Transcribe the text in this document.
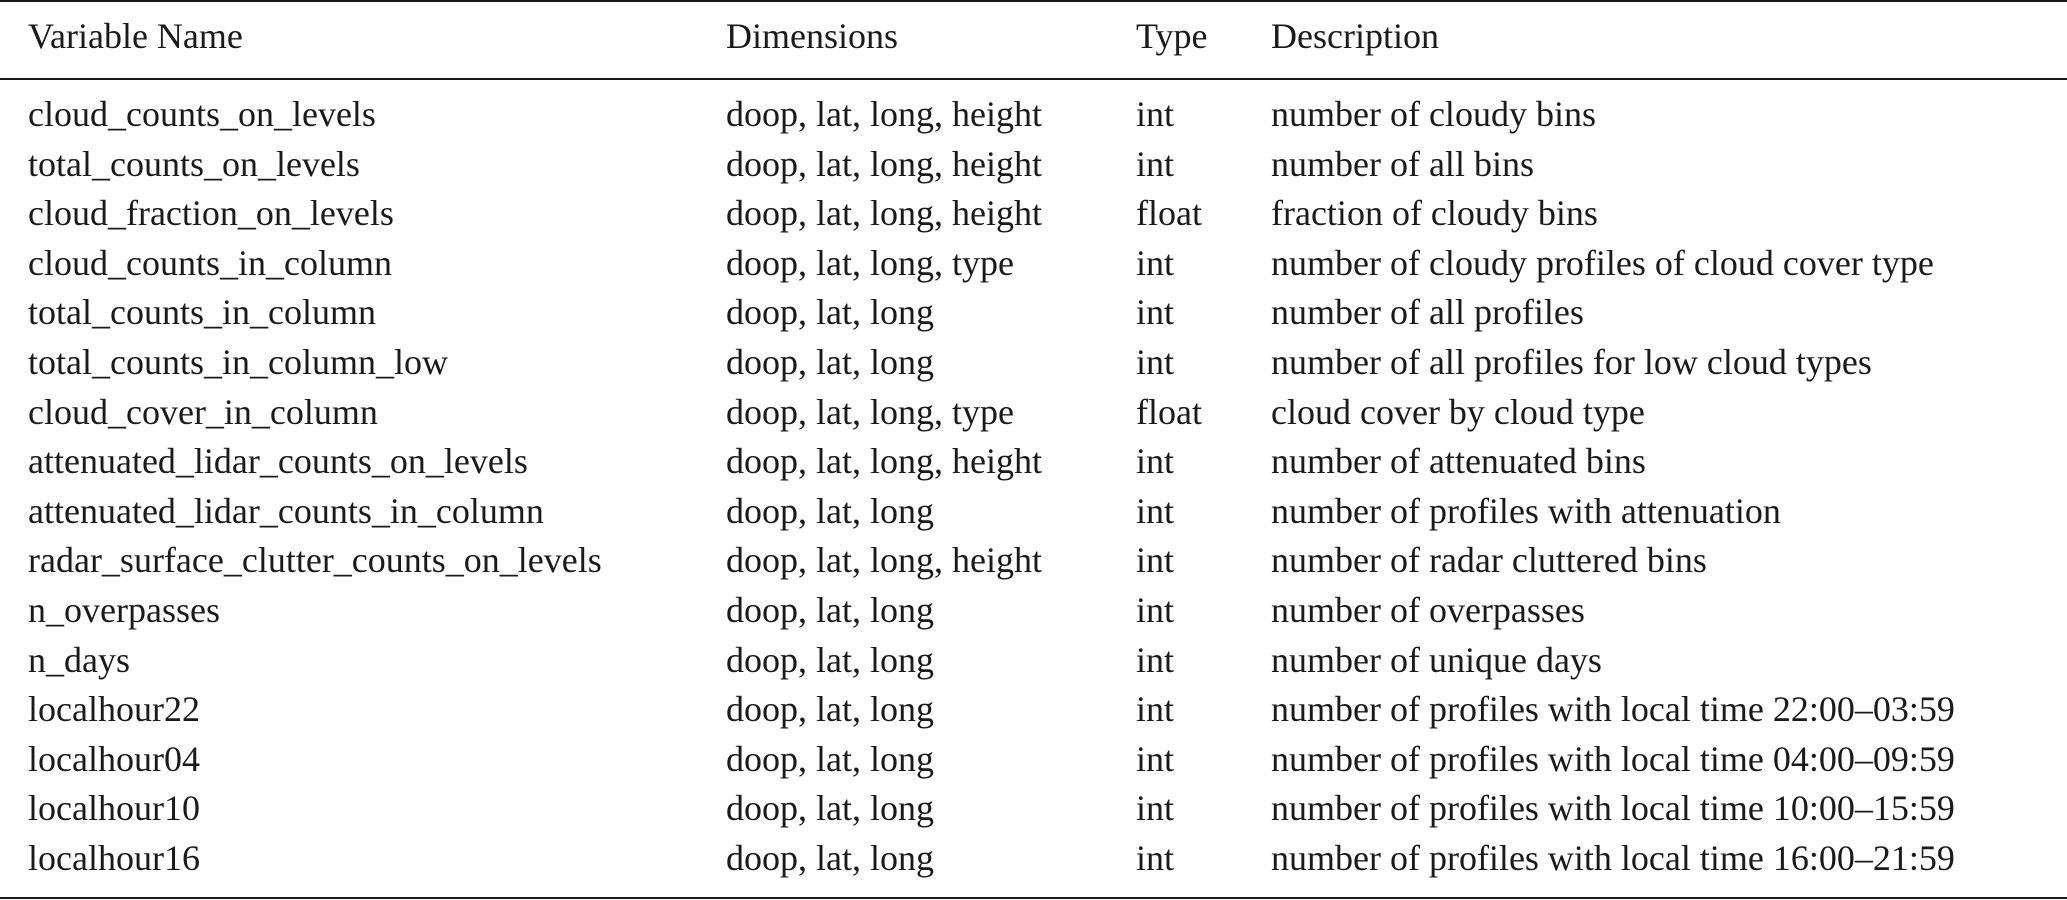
Variable Name	Dimensions	Type Description
cloud_counts_on_levels	doop, lat, long, height	int	number of cloudy bins
total_counts_on_levels	doop, lat, long, height	int	number of all bins
cloud_fraction_on_levels	doop, lat, long, height	float fraction of cloudy bins
cloud_counts_in_column	doop, lat, long, type	int	number of cloudy profiles of cloud cover type
total_counts_in_column	doop, lat, long	int	number of all profiles
total_counts_in_column_low	doop, lat, long	int	number of all profiles for low cloud types
cloud_cover_in_column	doop, lat, long, type	float cloud cover by cloud type
attenuated_lidar_counts_on_levels	doop, lat, long, height	int	number of attenuated bins
attenuated_lidar_counts_in_column	doop, lat, long	int	number of profiles with attenuation
radar_surface_clutter_counts_on_levels	doop, lat, long, height	int	number of radar cluttered bins
n_overpasses	doop, lat, long	int	number of overpasses
n_days	doop, lat, long	int	number of unique days
localhour22	doop, lat, long	int	number of profiles with local time 22:00–03:59
localhour04	doop, lat, long	int	number of profiles with local time 04:00–09:59
localhour10	doop, lat, long	int	number of profiles with local time 10:00–15:59
localhour16	doop, lat, long	int	number of profiles with local time 16:00–21:59
